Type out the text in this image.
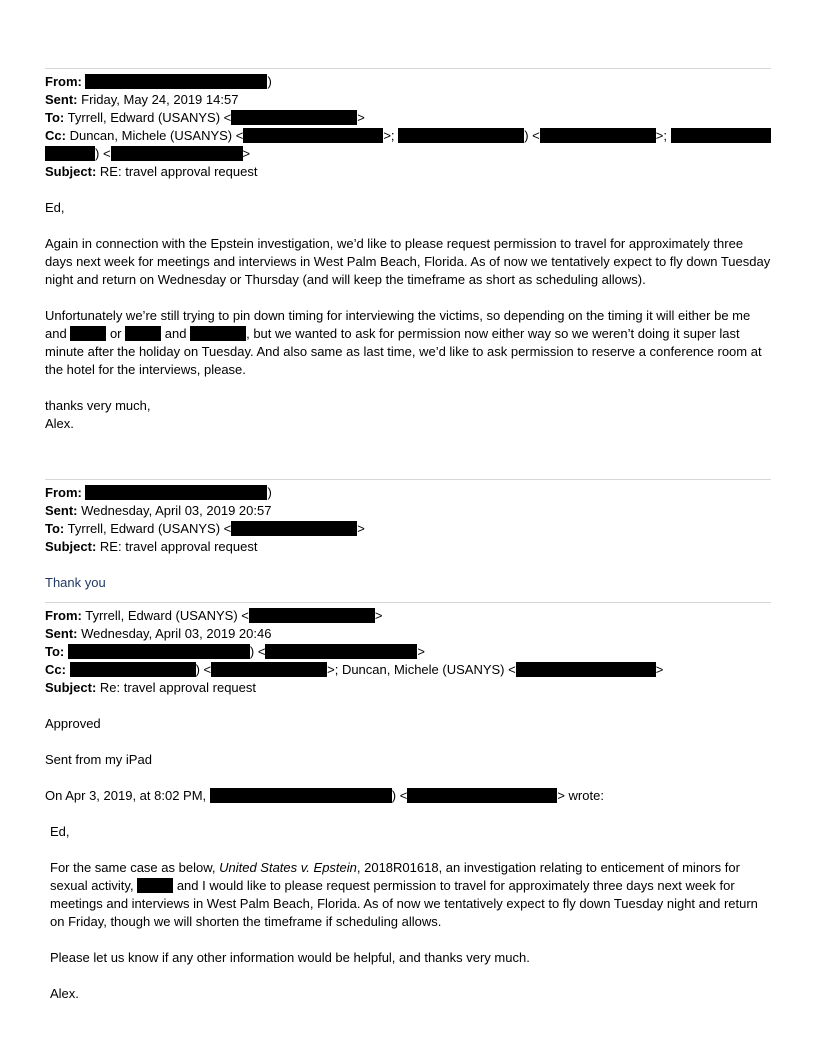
From:	)
Sent: Friday, May 24, 2019 14:57
To: Tyrrell, Edward (USANYS) <	>
Cc: Duncan, Michele (USANYS) <	>;	) <	>;
) <	>
Subject: RE: travel approval request

Ed,

Again in connection with the Epstein investigation, we’d like to please request permission to travel for approximately three days next week for meetings and interviews in West Palm Beach, Florida. As of now we tentatively expect to fly down Tuesday night and return on Wednesday or Thursday (and will keep the timeframe as short as scheduling allows).

Unfortunately we’re still trying to pin down timing for interviewing the victims, so depending on the timing it will either be me and	or	and	, but we wanted to ask for permission now either way so we weren’t doing it super last minute after the holiday on Tuesday. And also same as last time, we’d like to ask permission to reserve a conference room at the hotel for the interviews, please.

thanks very much,

Alex.

From:	)
Sent: Wednesday, April 03, 2019 20:57
To: Tyrrell, Edward (USANYS) <	>
Subject: RE: travel approval request

Thank you

From: Tyrrell, Edward (USANYS) <	>
Sent: Wednesday, April 03, 2019 20:46
To:	) <	>
Cc:	) <	>; Duncan, Michele (USANYS) <	>
Subject: Re: travel approval request

Approved

Sent from my iPad

On Apr 3, 2019, at 8:02 PM,	) <	> wrote:

Ed,

For the same case as below, United States v. Epstein, 2018R01618, an investigation relating to enticement of minors for sexual activity,	and I would like to please request permission to travel for approximately three days next week for meetings and interviews in West Palm Beach, Florida. As of now we tentatively expect to fly down Tuesday night and return on Friday, though we will shorten the timeframe if scheduling allows.

Please let us know if any other information would be helpful, and thanks very much.

Alex.
